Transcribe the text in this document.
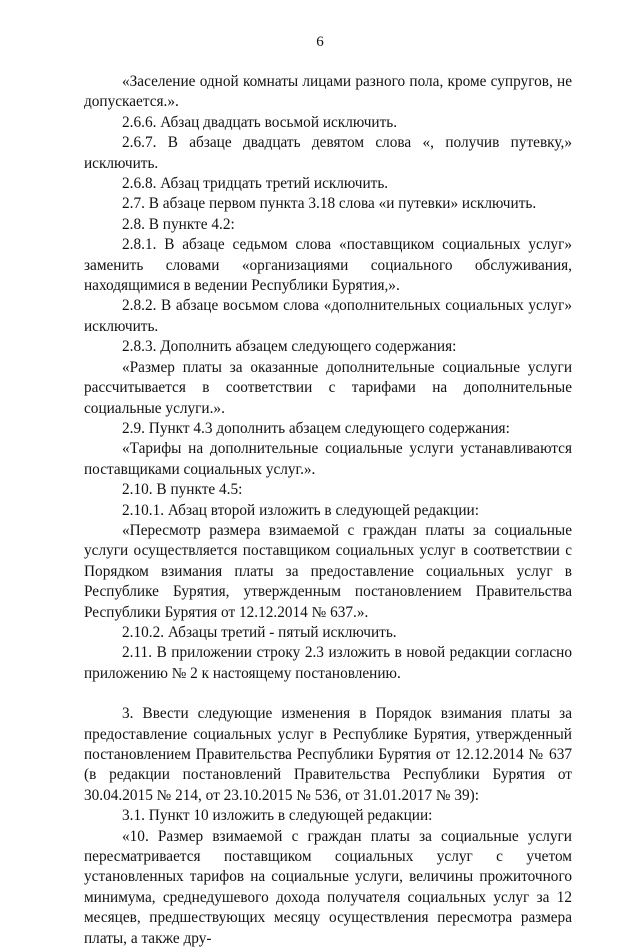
6

«Заселение одной комнаты лицами разного пола, кроме супругов, не допускается.».

2.6.6. Абзац двадцать восьмой исключить.

2.6.7. В абзаце двадцать девятом слова «, получив путевку,» исключить.

2.6.8. Абзац тридцать третий исключить.

2.7. В абзаце первом пункта 3.18 слова «и путевки» исключить.

2.8. В пункте 4.2:

2.8.1. В абзаце седьмом слова «поставщиком социальных услуг» заменить словами «организациями социального обслуживания, находящимися в ведении Республики Бурятия,».

2.8.2. В абзаце восьмом слова «дополнительных социальных услуг» исключить.

2.8.3. Дополнить абзацем следующего содержания:

«Размер платы за оказанные дополнительные социальные услуги рассчитывается в соответствии с тарифами на дополнительные социальные услуги.».

2.9. Пункт 4.3 дополнить абзацем следующего содержания:

«Тарифы на дополнительные социальные услуги устанавливаются поставщиками социальных услуг.».

2.10. В пункте 4.5:

2.10.1. Абзац второй изложить в следующей редакции:

«Пересмотр размера взимаемой с граждан платы за социальные услуги осуществляется поставщиком социальных услуг в соответствии с Порядком взимания платы за предоставление социальных услуг в Республике Бурятия, утвержденным постановлением Правительства Республики Бурятия от 12.12.2014 № 637.».

2.10.2. Абзацы третий - пятый исключить.

2.11. В приложении строку 2.3 изложить в новой редакции согласно приложению № 2 к настоящему постановлению.

3. Ввести следующие изменения в Порядок взимания платы за предоставление социальных услуг в Республике Бурятия, утвержденный постановлением Правительства Республики Бурятия от 12.12.2014 № 637 (в редакции постановлений Правительства Республики Бурятия от 30.04.2015 № 214, от 23.10.2015 № 536, от 31.01.2017 № 39):

3.1. Пункт 10 изложить в следующей редакции:

«10. Размер взимаемой с граждан платы за социальные услуги пересматривается поставщиком социальных услуг с учетом установленных тарифов на социальные услуги, величины прожиточного минимума, среднедушевого дохода получателя социальных услуг за 12 месяцев, предшествующих месяцу осуществления пересмотра размера платы, а также дру-
